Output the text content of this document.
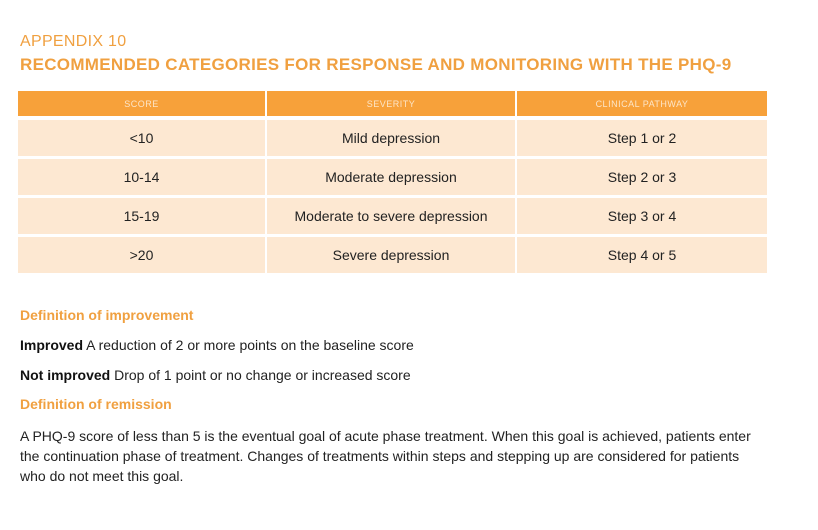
APPENDIX 10
RECOMMENDED CATEGORIES FOR RESPONSE AND MONITORING WITH THE PHQ-9
SCORE	SEVERITY	CLINICAL PATHWAY
<10	Mild depression	Step 1 or 2
10-14	Moderate depression	Step 2 or 3
15-19	Moderate to severe depression	Step 3 or 4
>20	Severe depression	Step 4 or 5
Definition of improvement
Improved A reduction of 2 or more points on the baseline score
Not improved Drop of 1 point or no change or increased score
Definition of remission
A PHQ-9 score of less than 5 is the eventual goal of acute phase treatment. When this goal is achieved, patients enter the continuation phase of treatment. Changes of treatments within steps and stepping up are considered for patients who do not meet this goal.
